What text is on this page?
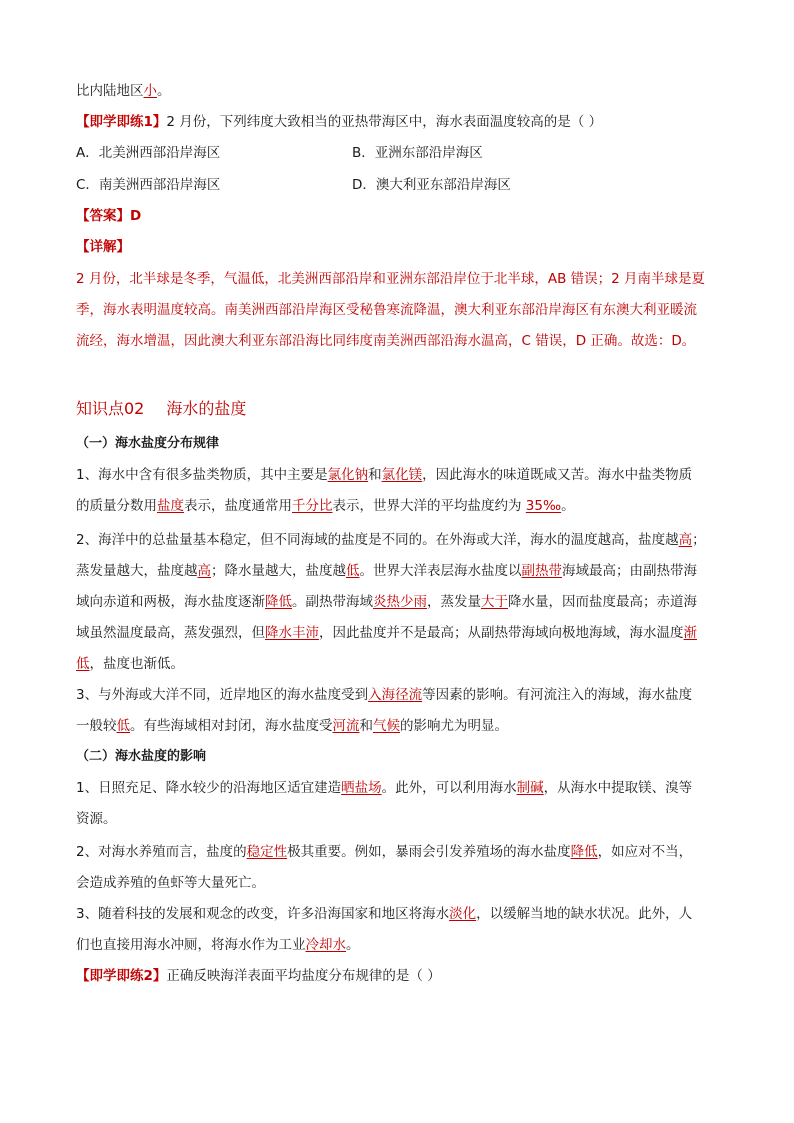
比内陆地区小。
【即学即练1】2 月份，下列纬度大致相当的亚热带海区中，海水表面温度较高的是（ ）
A．北美洲西部沿岸海区	B．亚洲东部沿岸海区
C．南美洲西部沿岸海区	D．澳大利亚东部沿岸海区
【答案】D
【详解】
2 月份，北半球是冬季，气温低，北美洲西部沿岸和亚洲东部沿岸位于北半球，AB 错误；2 月南半球是夏
季，海水表明温度较高。南美洲西部沿岸海区受秘鲁寒流降温，澳大利亚东部沿岸海区有东澳大利亚暖流
流经，海水增温，因此澳大利亚东部沿海比同纬度南美洲西部沿海水温高，C 错误，D 正确。故选：D。
知识点02 海水的盐度
（一）海水盐度分布规律
1、海水中含有很多盐类物质，其中主要是氯化钠和氯化镁，因此海水的味道既咸又苦。海水中盐类物质
的质量分数用盐度表示，盐度通常用千分比表示，世界大洋的平均盐度约为 35‰。
2、海洋中的总盐量基本稳定，但不同海域的盐度是不同的。在外海或大洋，海水的温度越高，盐度越高；
蒸发量越大，盐度越高；降水量越大，盐度越低。世界大洋表层海水盐度以副热带海域最高；由副热带海
域向赤道和两极，海水盐度逐渐降低。副热带海域炎热少雨，蒸发量大于降水量，因而盐度最高；赤道海
域虽然温度最高，蒸发强烈，但降水丰沛，因此盐度并不是最高；从副热带海域向极地海域，海水温度渐
低，盐度也渐低。
3、与外海或大洋不同，近岸地区的海水盐度受到入海径流等因素的影响。有河流注入的海域，海水盐度
一般较低。有些海域相对封闭，海水盐度受河流和气候的影响尤为明显。
（二）海水盐度的影响
1、日照充足、降水较少的沿海地区适宜建造晒盐场。此外，可以利用海水制碱，从海水中提取镁、溴等
资源。
2、对海水养殖而言，盐度的稳定性极其重要。例如，暴雨会引发养殖场的海水盐度降低，如应对不当，
会造成养殖的鱼虾等大量死亡。
3、随着科技的发展和观念的改变，许多沿海国家和地区将海水淡化，以缓解当地的缺水状况。此外，人
们也直接用海水冲厕，将海水作为工业冷却水。
【即学即练2】正确反映海洋表面平均盐度分布规律的是（ ）
